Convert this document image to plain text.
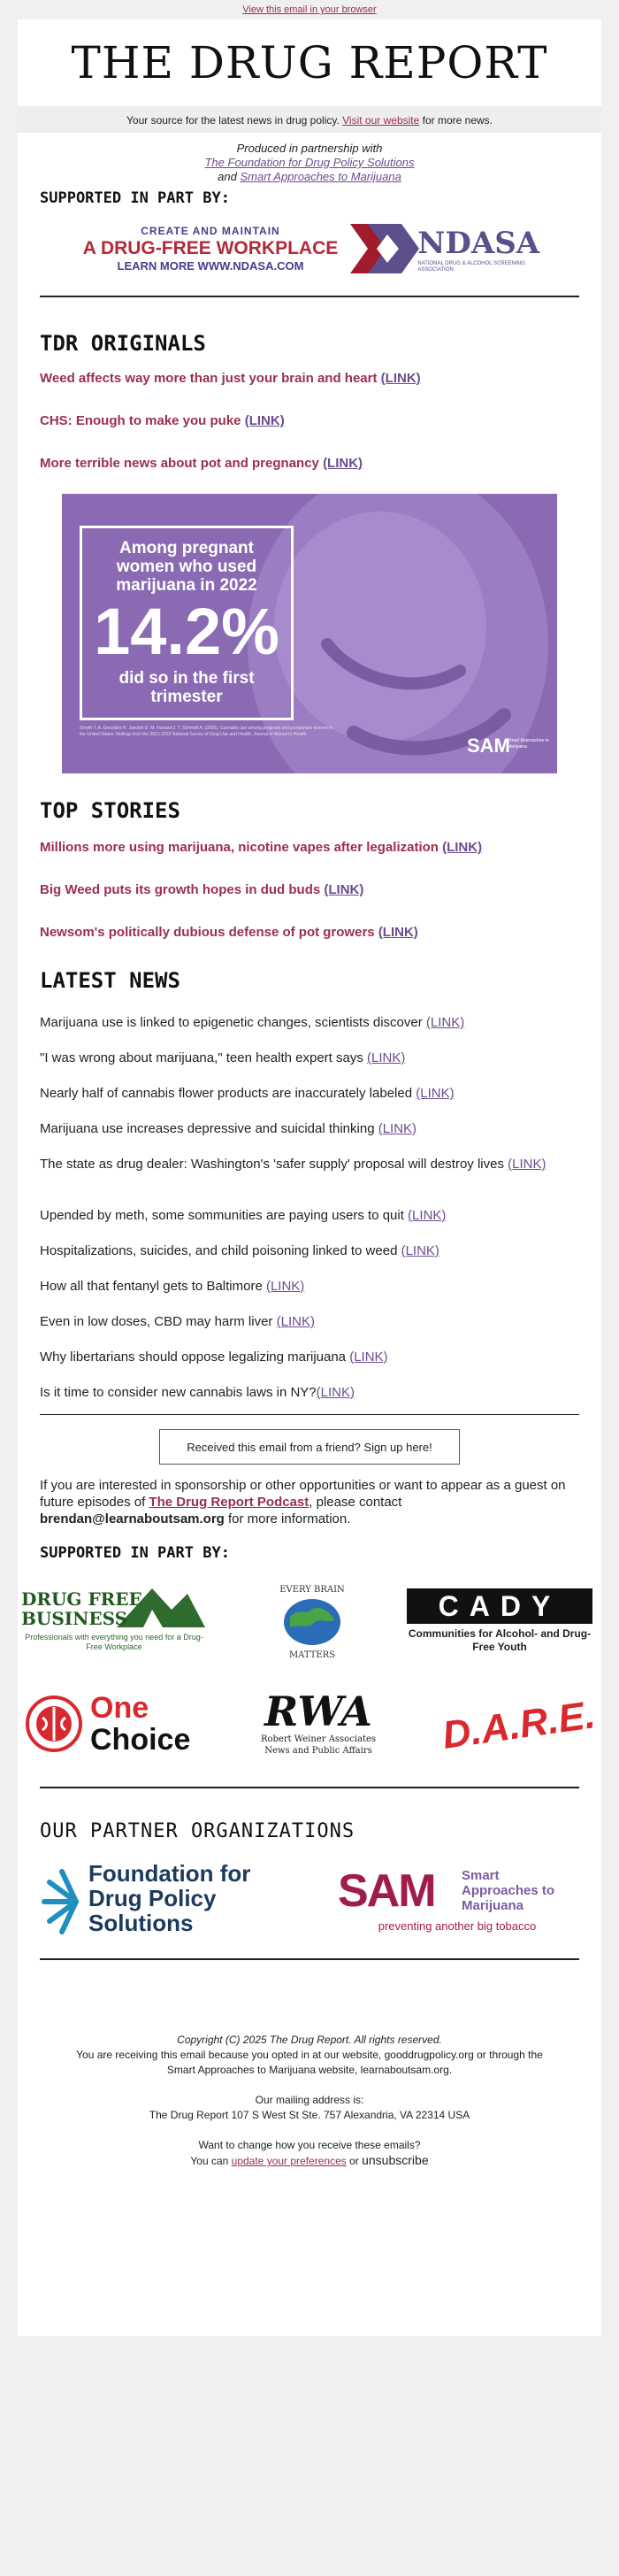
View this email in your browser
THE DRUG REPORT
Your source for the latest news in drug policy. Visit our website for more news.
Produced in partnership with
The Foundation for Drug Policy Solutions
and Smart Approaches to Marijuana
SUPPORTED IN PART BY:
CREATE AND MAINTAIN
A DRUG-FREE WORKPLACE
LEARN MORE WWW.NDASA.COM
NDASA
NATIONAL DRUG & ALCOHOL SCREENING ASSOCIATION
TDR ORIGINALS
Weed affects way more than just your brain and heart (LINK)
CHS: Enough to make you puke (LINK)
More terrible news about pot and pregnancy (LINK)
Among pregnant women who used marijuana in 2022
14.2%
did so in the first trimester
Smyth T. A. Gonzales R. Jaeckle D. M. Howard J. T. Schmidt A. (2025). Cannabis use among pregnant and postpartum women in the United States: findings from the 2021-2022 National Survey of Drug Use and Health. Journal of Women's Health.	SAM
Smart Approaches to Marijuana
TOP STORIES
Millions more using marijuana, nicotine vapes after legalization (LINK)
Big Weed puts its growth hopes in dud buds (LINK)
Newsom's politically dubious defense of pot growers (LINK)
LATEST NEWS
Marijuana use is linked to epigenetic changes, scientists discover (LINK)
"I was wrong about marijuana," teen health expert says (LINK)
Nearly half of cannabis flower products are inaccurately labeled (LINK)
Marijuana use increases depressive and suicidal thinking (LINK)
The state as drug dealer: Washington's 'safer supply' proposal will destroy lives (LINK)
Upended by meth, some sommunities are paying users to quit (LINK)
Hospitalizations, suicides, and child poisoning linked to weed (LINK)
How all that fentanyl gets to Baltimore (LINK)
Even in low doses, CBD may harm liver (LINK)
Why libertarians should oppose legalizing marijuana (LINK)
Is it time to consider new cannabis laws in NY?(LINK)
Received this email from a friend? Sign up here!
If you are interested in sponsorship or other opportunities or want to appear as a guest on future episodes of The Drug Report Podcast, please contact brendan@learnaboutsam.org for more information.
SUPPORTED IN PART BY:
DRUG FREE
BUSINESS
Professionals with everything you need for a Drug-Free Workplace
EVERY BRAIN
MATTERS
CADY
Communities for Alcohol- and Drug-Free Youth
One
Choice
RWA
Robert Weiner Associates
News and Public Affairs	D.A.R.E.
OUR PARTNER ORGANIZATIONS
Foundation for
Drug Policy
Solutions
SAM Smart
Approaches to
Marijuana
preventing another big tobacco
Copyright (C) 2025 The Drug Report. All rights reserved.
You are receiving this email because you opted in at our website, gooddrugpolicy.org or through the Smart Approaches to Marijuana website, learnaboutsam.org.
Our mailing address is:
The Drug Report 107 S West St Ste. 757 Alexandria, VA 22314 USA
Want to change how you receive these emails?
You can update your preferences or unsubscribe
